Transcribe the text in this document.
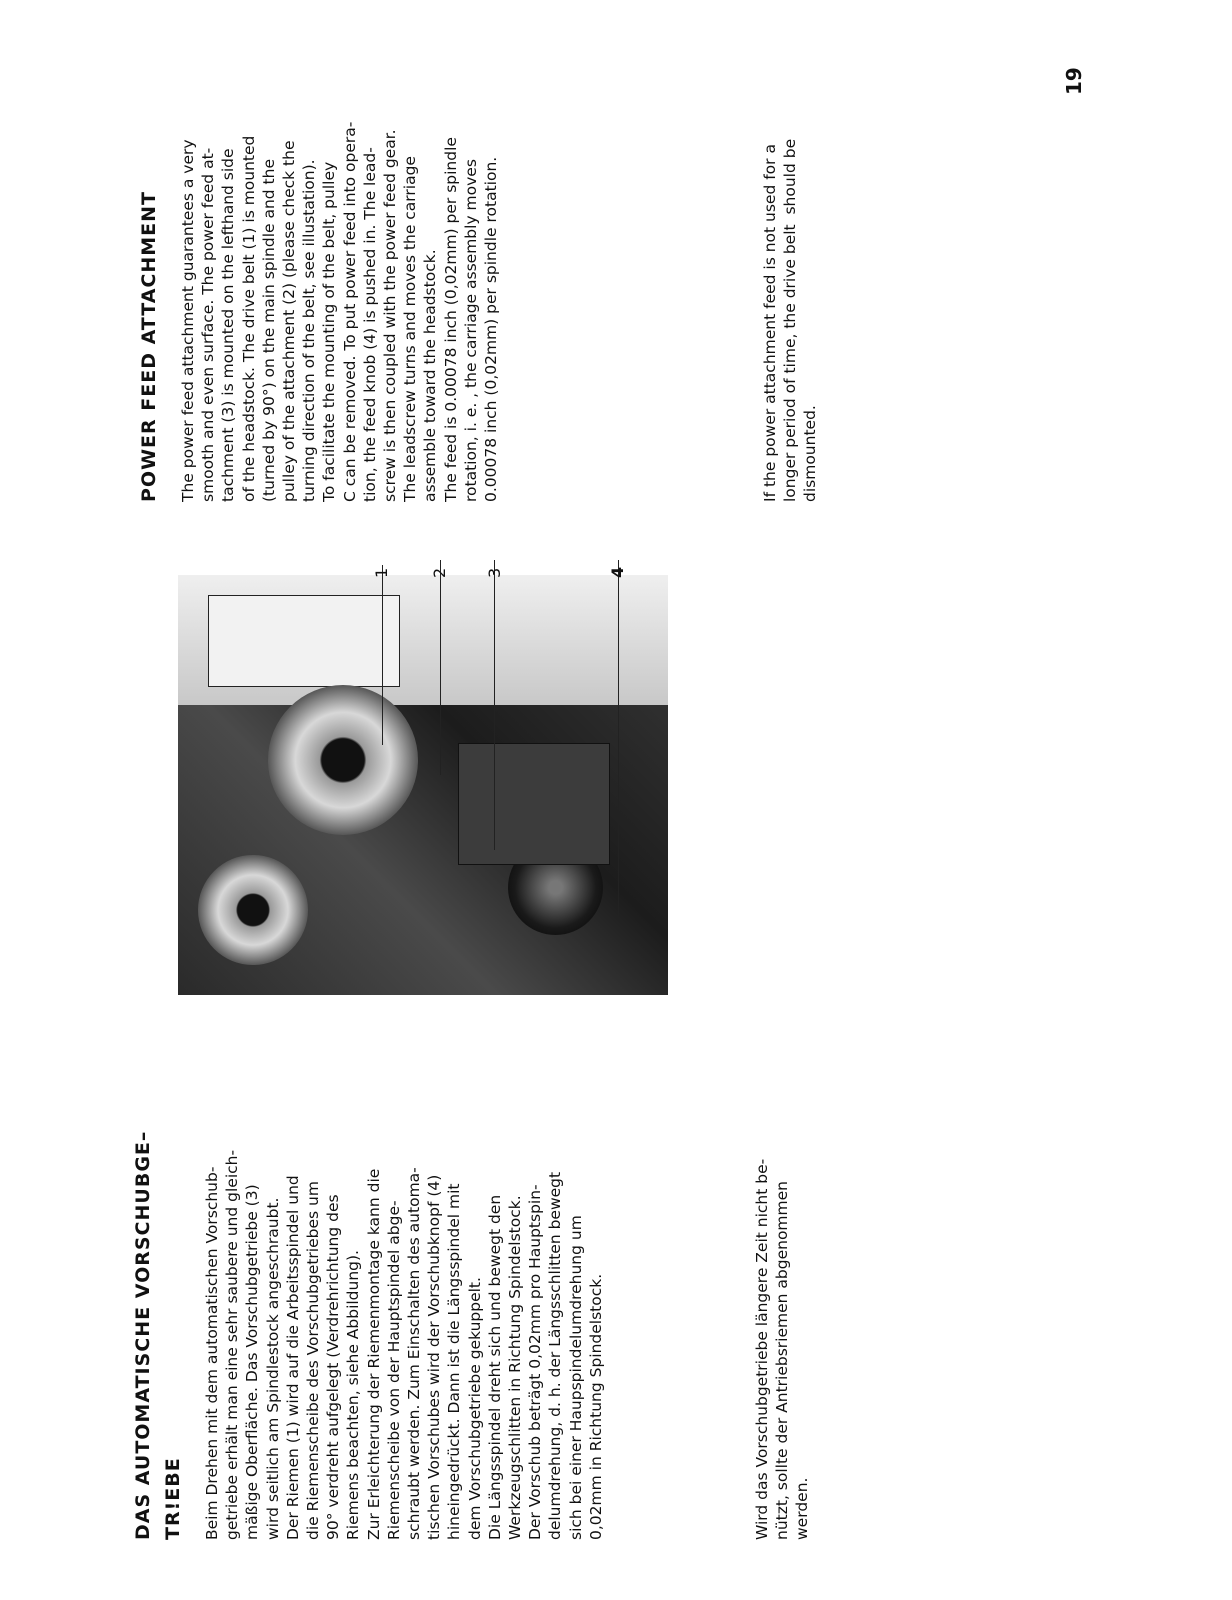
DAS AUTOMATISCHE VORSCHUBGE– TR!EBE Beim Drehen mit dem automatischen Vorschub-
getriebe erhält man eine sehr saubere und gleich-
mäßige Oberfläche. Das Vorschubgetriebe (3)
wird seitlich am Spindlestock angeschraubt.
Der Riemen (1) wird auf die Arbeitsspindel und
die Riemenscheibe des Vorschubgetriebes um
90° verdreht aufgelegt (Verdrehrichtung des
Riemens beachten, siehe Abbildung).
Zur Erleichterung der Riemenmontage kann die
Riemenscheibe von der Hauptspindel abge-
schraubt werden. Zum Einschalten des automa-
tischen Vorschubes wird der Vorschubknopf (4)
hineingedrückt. Dann ist die Längsspindel mit
dem Vorschubgetriebe gekuppelt.
Die Längsspindel dreht sich und bewegt den
Werkzeugschlitten in Richtung Spindelstock.
Der Vorschub beträgt 0,02mm pro Hauptspin-
delumdrehung, d. h. der Längsschlitten bewegt
sich bei einer Haupspindelumdrehung um
0,02mm in Richtung Spindelstock.

Wird das Vorschubgetriebe längere Zeit nicht be-
nützt, sollte der Antriebsriemen abgenommen
werden.

1 2 3	4
POWER FEED ATTACHMENT The power feed attachment guarantees a very
smooth and even surface. The power feed at-
tachment (3) is mounted on the lefthand side
of the headstock. The drive belt (1) is mounted
(turned by 90°) on the main spindle and the
pulley of the attachment (2) (please check the
turning direction of the belt, see illustation).
To facilitate the mounting of the belt, pulley
C can be removed. To put power feed into opera-
tion, the feed knob (4) is pushed in. The lead-
screw is then coupled with the power feed gear.
The leadscrew turns and moves the carriage
assemble toward the headstock.
The feed is 0.00078 inch (0,02mm) per spindle
rotation, i. e. , the carriage assembly moves
0.00078 inch (0,02mm) per spindle rotation.

If the power attachment feed is not used for a
longer period of time, the drive belt  should be
dismounted.

19
